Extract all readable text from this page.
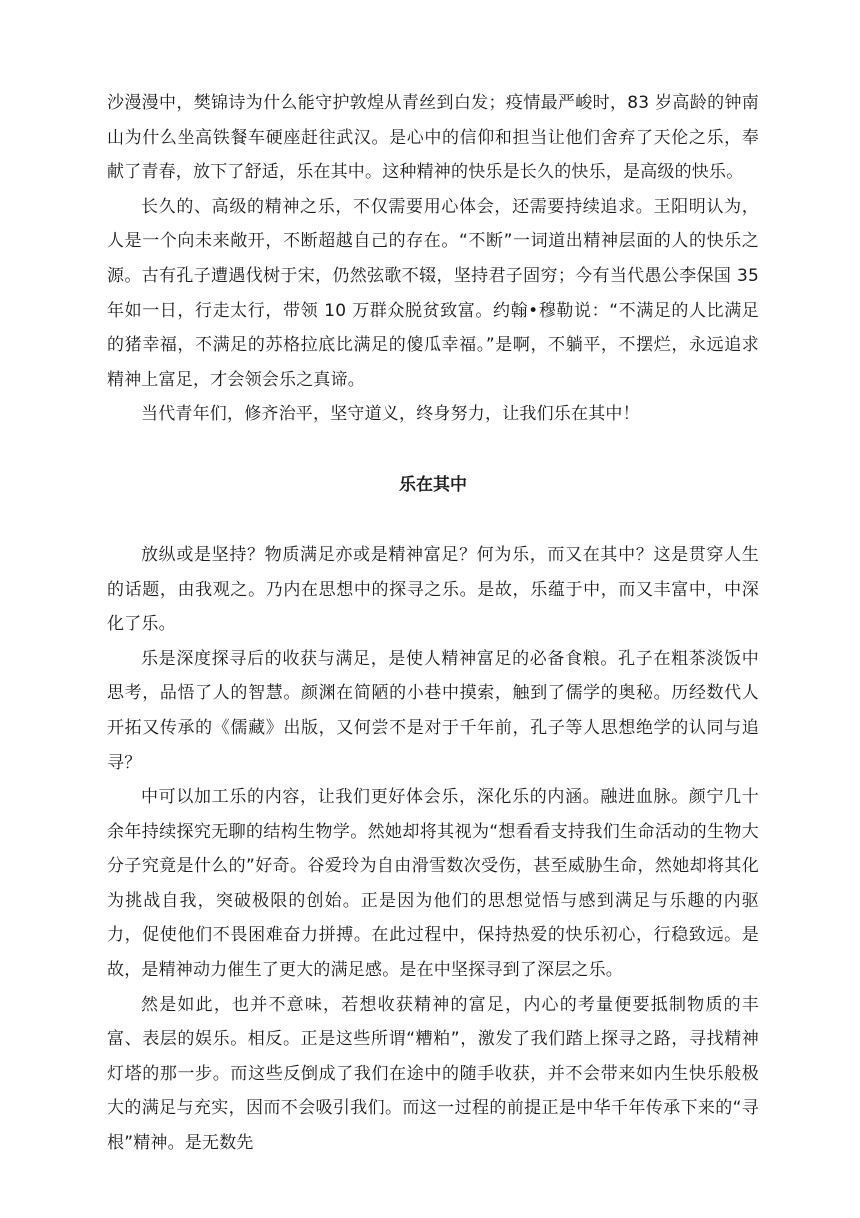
沙漫漫中，樊锦诗为什么能守护敦煌从青丝到白发；疫情最严峻时，83 岁高龄的钟南山为什么坐高铁餐车硬座赶往武汉。是心中的信仰和担当让他们舍弃了天伦之乐，奉献了青春，放下了舒适，乐在其中。这种精神的快乐是长久的快乐，是高级的快乐。

长久的、高级的精神之乐，不仅需要用心体会，还需要持续追求。王阳明认为，人是一个向未来敞开，不断超越自己的存在。“不断”一词道出精神层面的人的快乐之源。古有孔子遭遇伐树于宋，仍然弦歌不辍，坚持君子固穷；今有当代愚公李保国 35 年如一日，行走太行，带领 10 万群众脱贫致富。约翰•穆勒说：“不满足的人比满足的猪幸福，不满足的苏格拉底比满足的傻瓜幸福。”是啊，不躺平，不摆烂，永远追求精神上富足，才会领会乐之真谛。

当代青年们，修齐治平，坚守道义，终身努力，让我们乐在其中！

乐在其中

放纵或是坚持？物质满足亦或是精神富足？何为乐，而又在其中？这是贯穿人生的话题，由我观之。乃内在思想中的探寻之乐。是故，乐蕴于中，而又丰富中，中深化了乐。

乐是深度探寻后的收获与满足，是使人精神富足的必备食粮。孔子在粗茶淡饭中思考，品悟了人的智慧。颜渊在简陋的小巷中摸索，触到了儒学的奥秘。历经数代人开拓又传承的《儒藏》出版，又何尝不是对于千年前，孔子等人思想绝学的认同与追寻？

中可以加工乐的内容，让我们更好体会乐，深化乐的内涵。融进血脉。颜宁几十余年持续探究无聊的结构生物学。然她却将其视为“想看看支持我们生命活动的生物大分子究竟是什么的”好奇。谷爱玲为自由滑雪数次受伤，甚至威胁生命，然她却将其化为挑战自我，突破极限的创始。正是因为他们的思想觉悟与感到满足与乐趣的内驱力，促使他们不畏困难奋力拼搏。在此过程中，保持热爱的快乐初心，行稳致远。是故，是精神动力催生了更大的满足感。是在中坚探寻到了深层之乐。

然是如此，也并不意味，若想收获精神的富足，内心的考量便要抵制物质的丰富、表层的娱乐。相反。正是这些所谓“糟粕”，激发了我们踏上探寻之路，寻找精神灯塔的那一步。而这些反倒成了我们在途中的随手收获，并不会带来如内生快乐般极大的满足与充实，因而不会吸引我们。而这一过程的前提正是中华千年传承下来的“寻根”精神。是无数先
